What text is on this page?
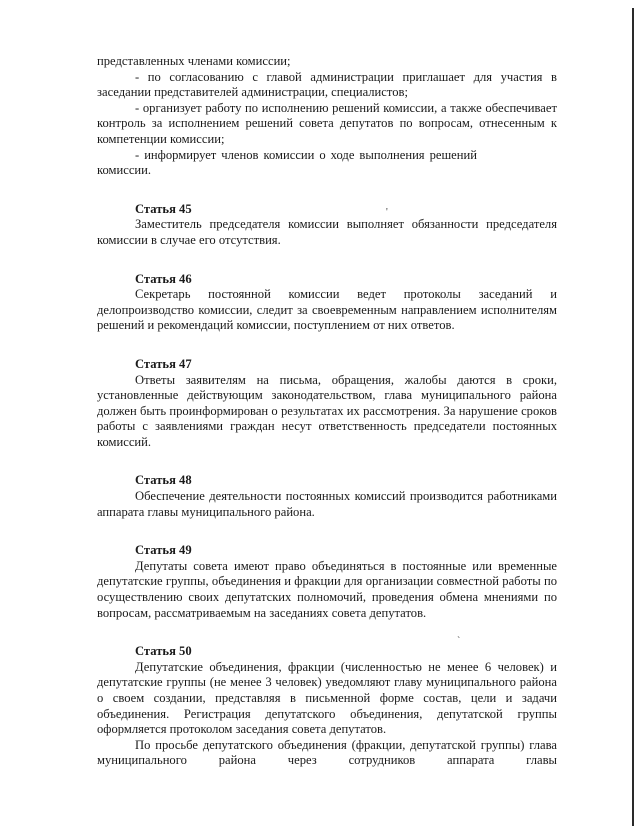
представленных членами комиссии;

- по согласованию с главой администрации приглашает для участия в заседании представителей администрации, специалистов;

- организует работу по исполнению решений комиссии, а также обеспечивает контроль за исполнением решений совета депутатов по вопросам, отнесенным к компетенции комиссии;

- информирует членов комиссии о ходе выполнения решений комиссии.

Статья 45

Заместитель председателя комиссии выполняет обязанности председателя комиссии в случае его отсутствия.

Статья 46

Секретарь постоянной комиссии ведет протоколы заседаний и делопроизводство комиссии, следит за своевременным направлением исполнителям решений и рекомендаций комиссии, поступлением от них ответов.

Статья 47

Ответы заявителям на письма, обращения, жалобы даются в сроки, установленные действующим законодательством, глава муниципального района должен быть проинформирован о результатах их рассмотрения. За нарушение сроков работы с заявлениями граждан несут ответственность председатели постоянных комиссий.

Статья 48

Обеспечение деятельности постоянных комиссий производится работниками аппарата главы муниципального района.

Статья 49

Депутаты совета имеют право объединяться в постоянные или временные депутатские группы, объединения и фракции для организации совместной работы по осуществлению своих депутатских полномочий, проведения обмена мнениями по вопросам, рассматриваемым на заседаниях совета депутатов.

Статья 50

Депутатские объединения, фракции (численностью не менее 6 человек) и депутатские группы (не менее 3 человек) уведомляют главу муниципального района о своем создании, представляя в письменной форме состав, цели и задачи объединения. Регистрация депутатского объединения, депутатской группы оформляется протоколом заседания совета депутатов.

По просьбе депутатского объединения (фракции, депутатской группы) глава муниципального района через сотрудников аппарата главы

`
'
